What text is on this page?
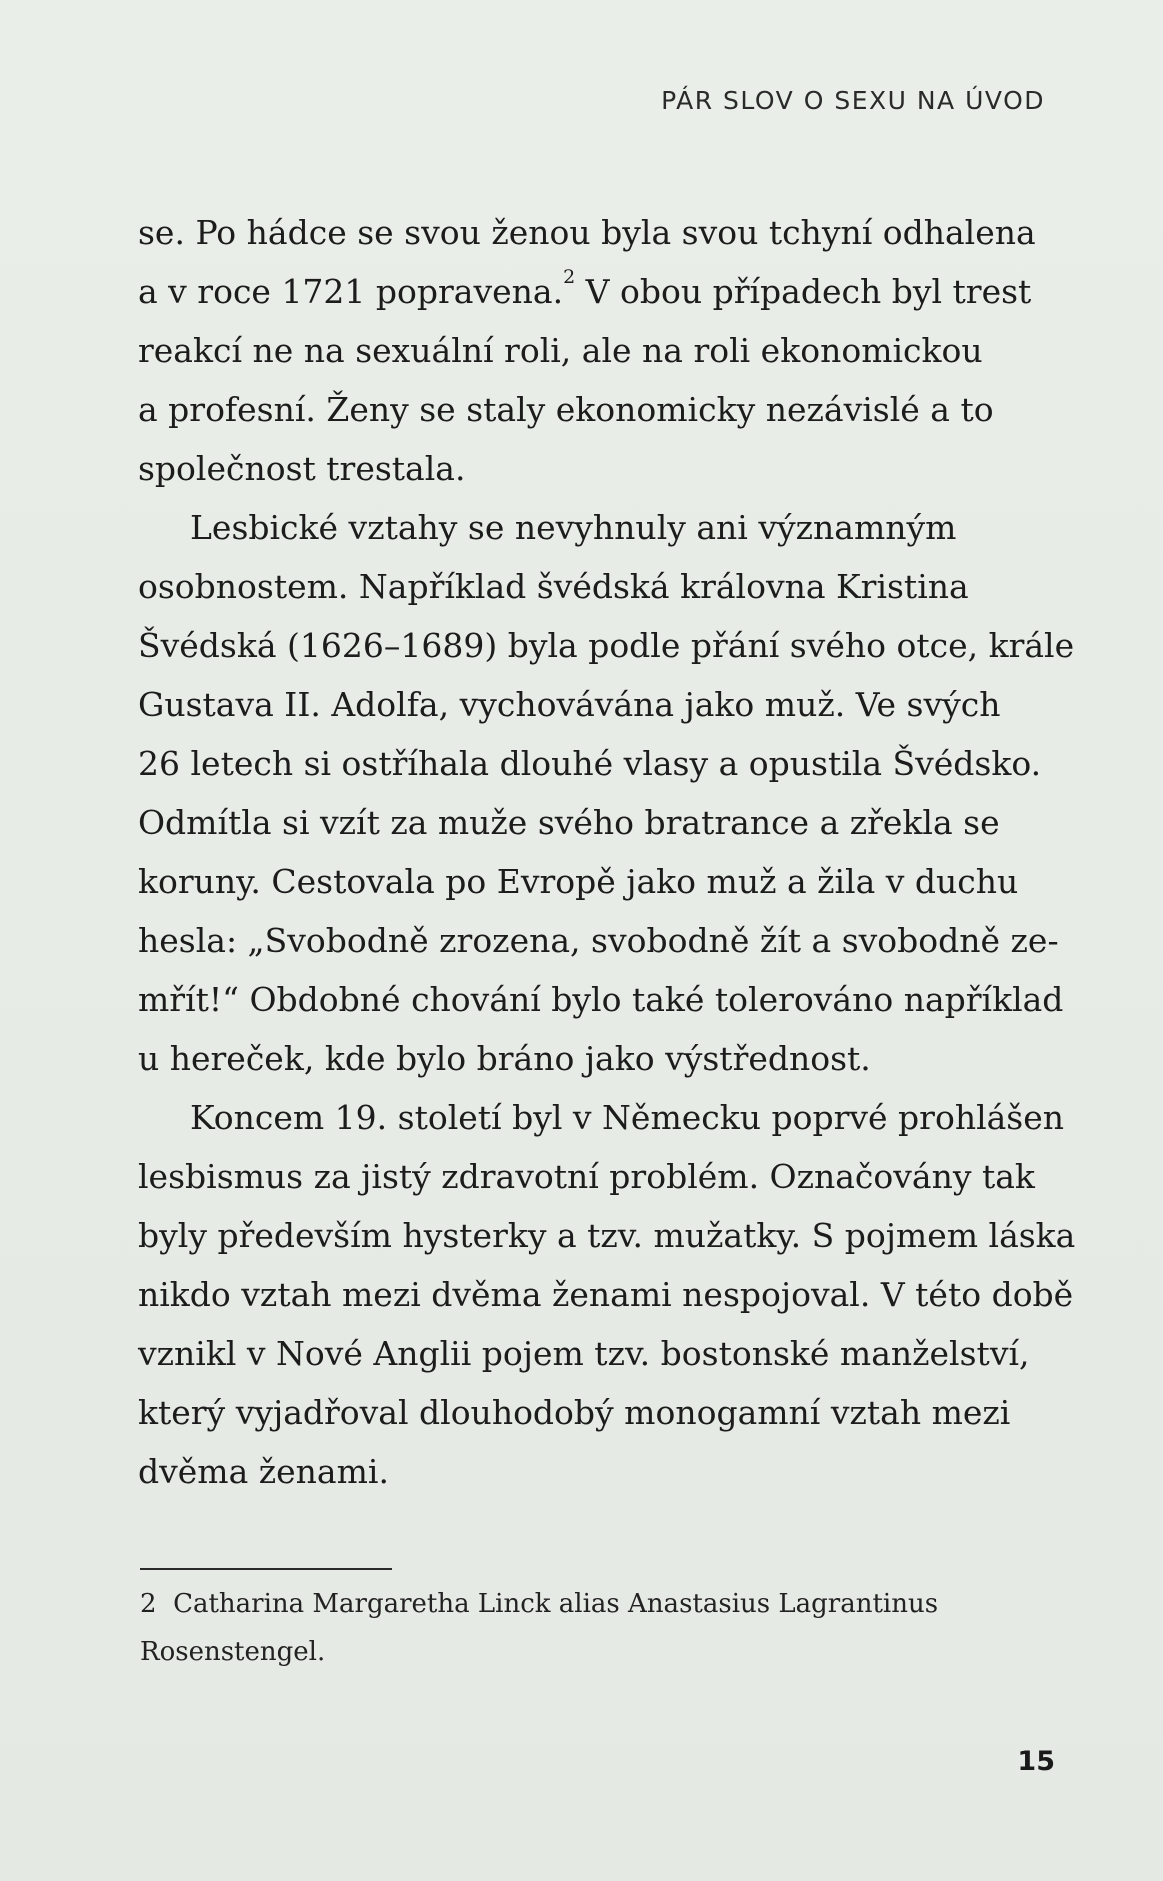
PÁR SLOV O SEXU NA ÚVOD
se. Po hádce se svou ženou byla svou tchyní odhalena
a v roce 1721 popravena.$^2$ V obou případech byl trest
reakcí ne na sexuální roli, ale na roli ekonomickou
a profesní. Ženy se staly ekonomicky nezávislé a to
společnost trestala.
Lesbické vztahy se nevyhnuly ani významným
osobnostem. Například švédská královna Kristina
Švédská (1626–1689) byla podle přání svého otce, krále
Gustava II. Adolfa, vychovávána jako muž. Ve svých
26 letech si ostříhala dlouhé vlasy a opustila Švédsko.
Odmítla si vzít za muže svého bratrance a zřekla se
koruny. Cestovala po Evropě jako muž a žila v duchu
hesla: „Svobodně zrozena, svobodně žít a svobodně ze-
mřít!“ Obdobné chování bylo také tolerováno například
u hereček, kde bylo bráno jako výstřednost.
Koncem 19. století byl v Německu poprvé prohlášen
lesbismus za jistý zdravotní problém. Označovány tak
byly především hysterky a tzv. mužatky. S pojmem láska
nikdo vztah mezi dvěma ženami nespojoval. V této době
vznikl v Nové Anglii pojem tzv. bostonské manželství,
který vyjadřoval dlouhodobý monogamní vztah mezi
dvěma ženami.
2 Catharina Margaretha Linck alias Anastasius Lagrantinus
Rosenstengel.
15
